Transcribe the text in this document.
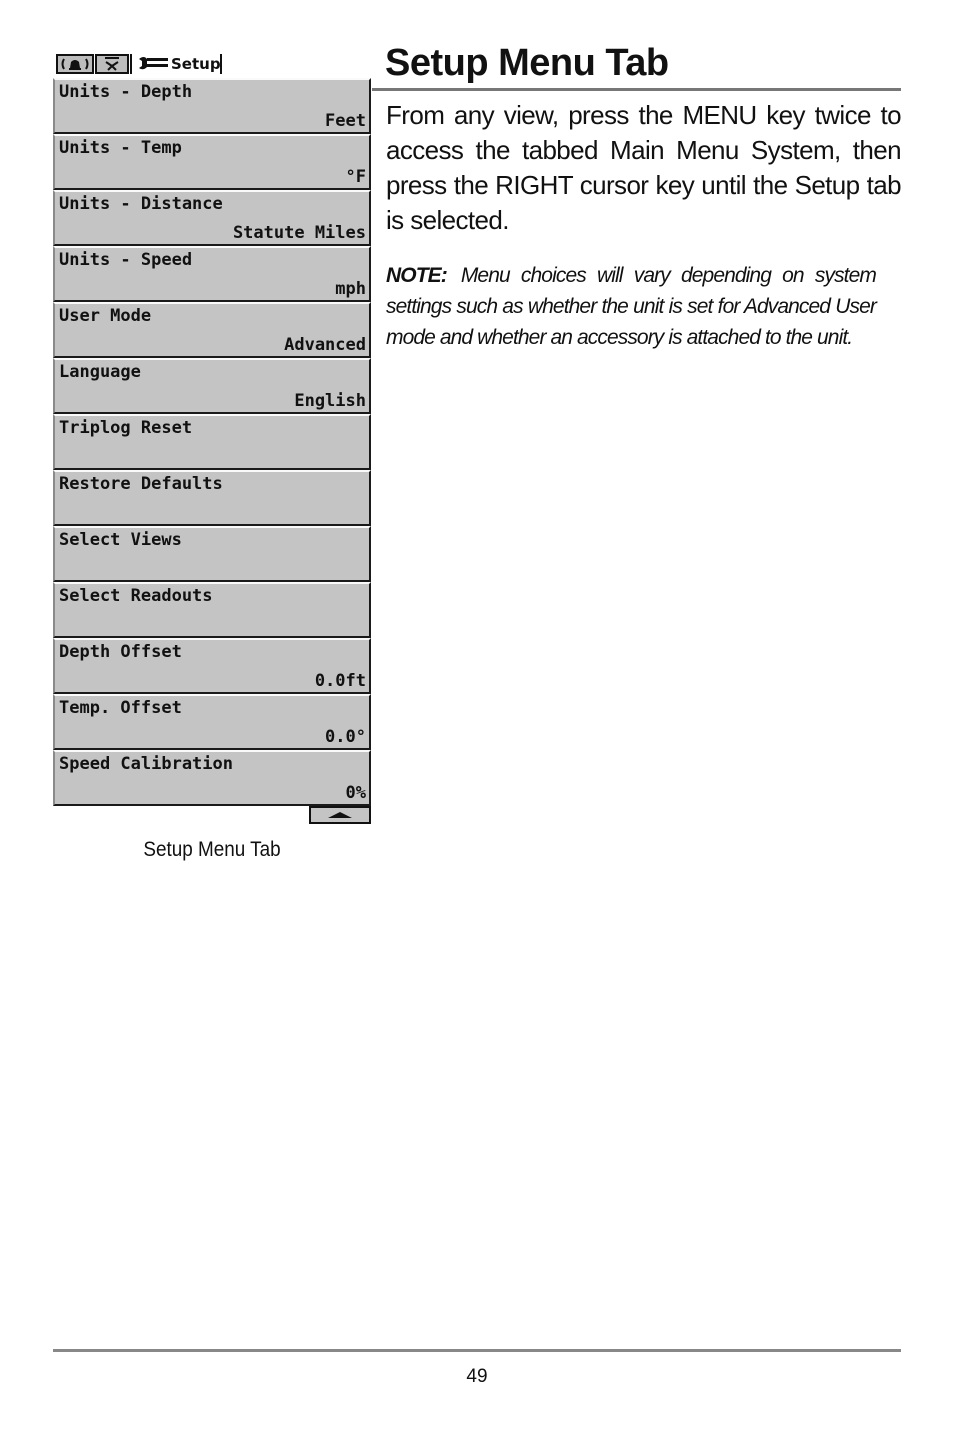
Setup
Units - Depth
Feet
Units - Temp
°F
Units - Distance
Statute Miles
Units - Speed
mph
User Mode
Advanced
Language
English
Triplog Reset
Restore Defaults
Select Views
Select Readouts
Depth Offset
0.0ft
Temp. Offset
0.0°
Speed Calibration
0%
Setup Menu Tab
Setup Menu Tab

From any view, press the MENU key twice to access the tabbed Main Menu System, then press the RIGHT cursor key until the Setup tab is selected.

NOTE: Menu choices will vary depending on system settings such as whether the unit is set for Advanced User mode and whether an accessory is attached to the unit.

49
